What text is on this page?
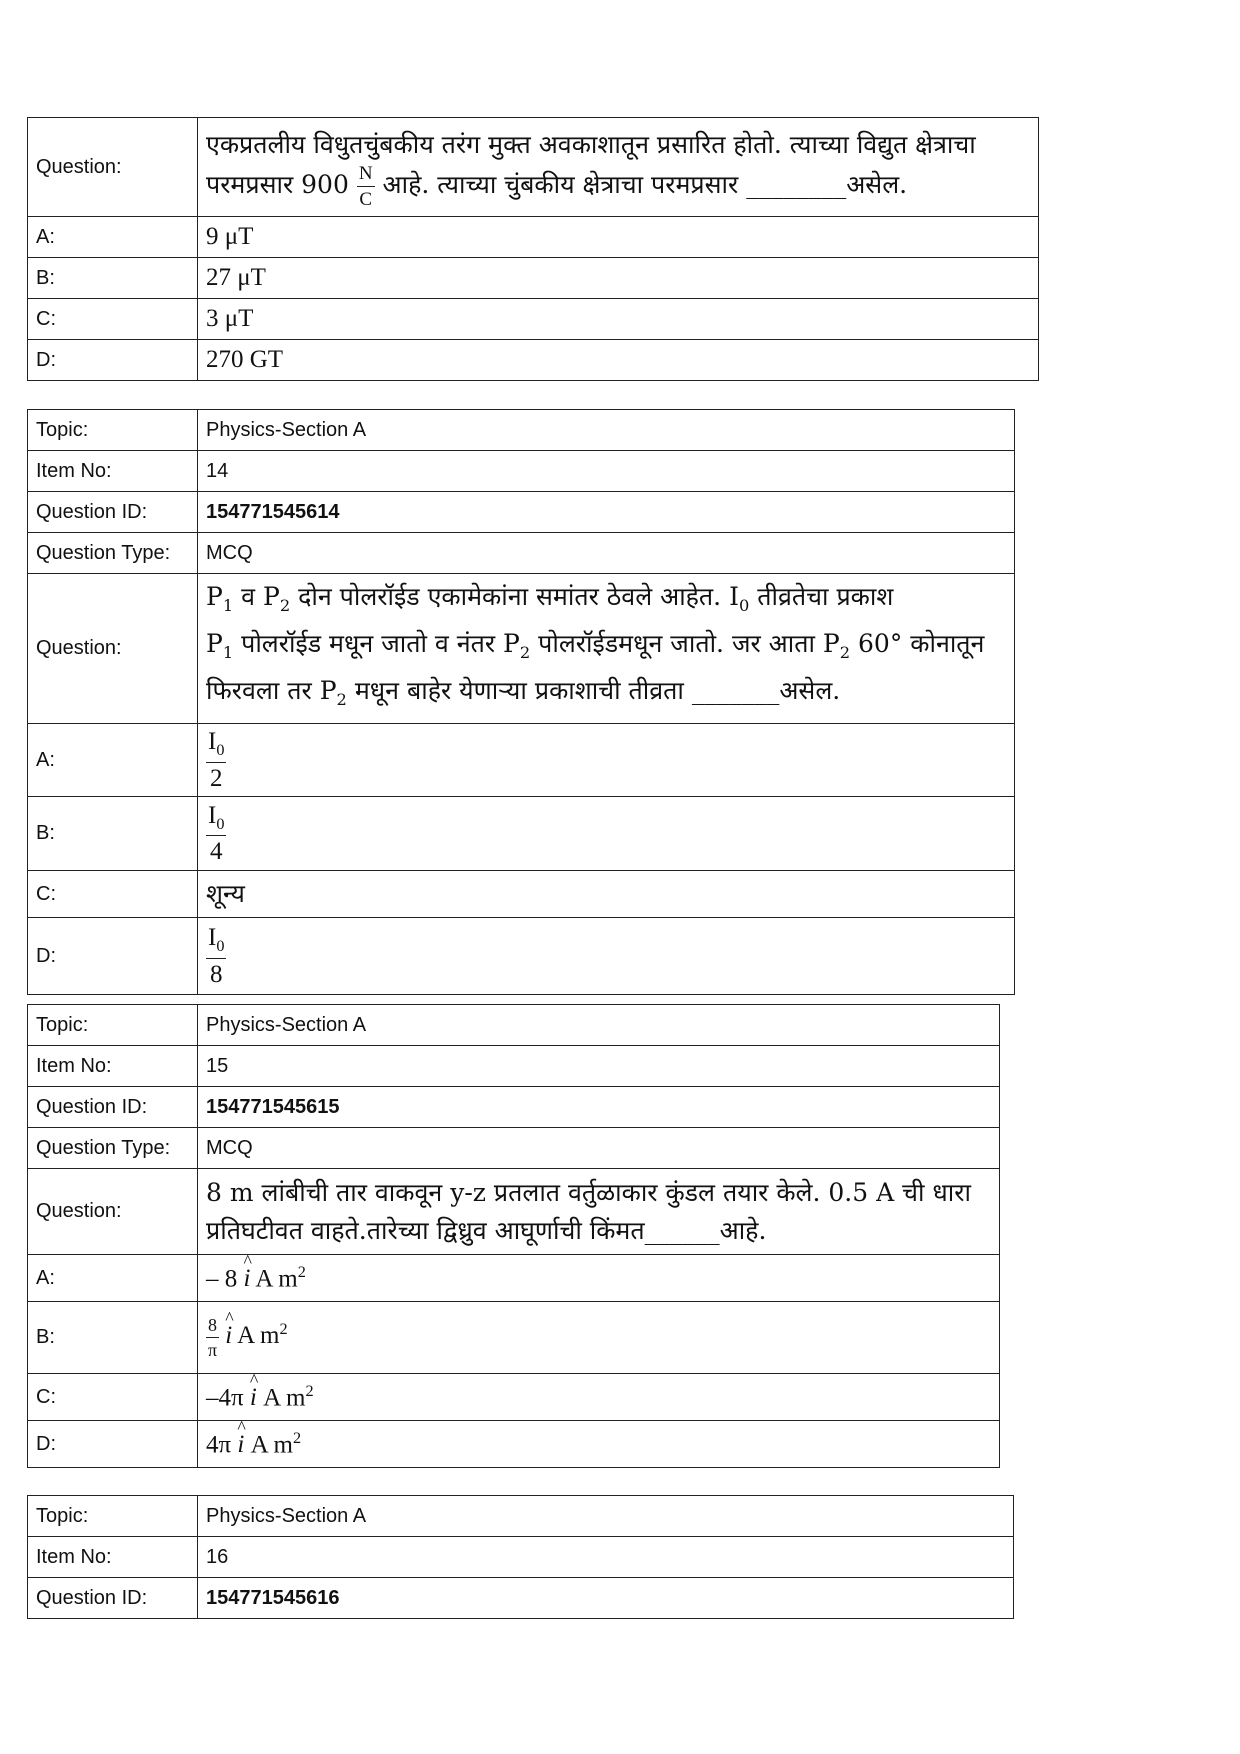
Question:	एकप्रतलीय विधुतचुंबकीय तरंग मुक्त अवकाशातून प्रसारित होतो. त्याच्या विद्युत क्षेत्राचा
परमप्रसार $900 \frac{N}{C}$ आहे. त्याच्या चुंबकीय क्षेत्राचा परमप्रसार ________असेल.

A:	9 μT
B:	27 μT
C:	3 μT
D:	270 GT
Topic:	Physics-Section A
Item No:	14
Question ID:	154771545614
Question Type:	MCQ
Question:	$P_1$ व $P_2$ दोन पोलरॉईड एकामेकांना समांतर ठेवले आहेत. $I_0$ तीव्रतेचा प्रकाश
$P_1$ पोलरॉईड मधून जातो व नंतर $P_2$ पोलरॉईडमधून जातो. जर आता $P_2$ 60° कोनातून
फिरवला तर $P_2$ मधून बाहेर येणाऱ्या प्रकाशाची तीव्रता _______असेल.

A:	$\frac{I_0}{2}$

B:	$\frac{I_0}{4}$

C:	शून्य
D:	$\frac{I_0}{8}$
Topic:	Physics-Section A
Item No:	15
Question ID:	154771545615
Question Type:	MCQ
Question:	8 m लांबीची तार वाकवून y-z प्रतलात वर्तुळाकार कुंडल तयार केले. 0.5 A ची धारा
प्रतिघटीवत वाहते.तारेच्या द्विध्रुव आघूर्णाची किंमत______आहे.

A:	– 8 ^ i A $m^2$
B:	$\frac{8}{\pi}$ ^ i A $m^2$
C:	–4π ^ i A $m^2$
D:	4π ^ i A $m^2$
Topic:	Physics-Section A
Item No:	16
Question ID:	154771545616
